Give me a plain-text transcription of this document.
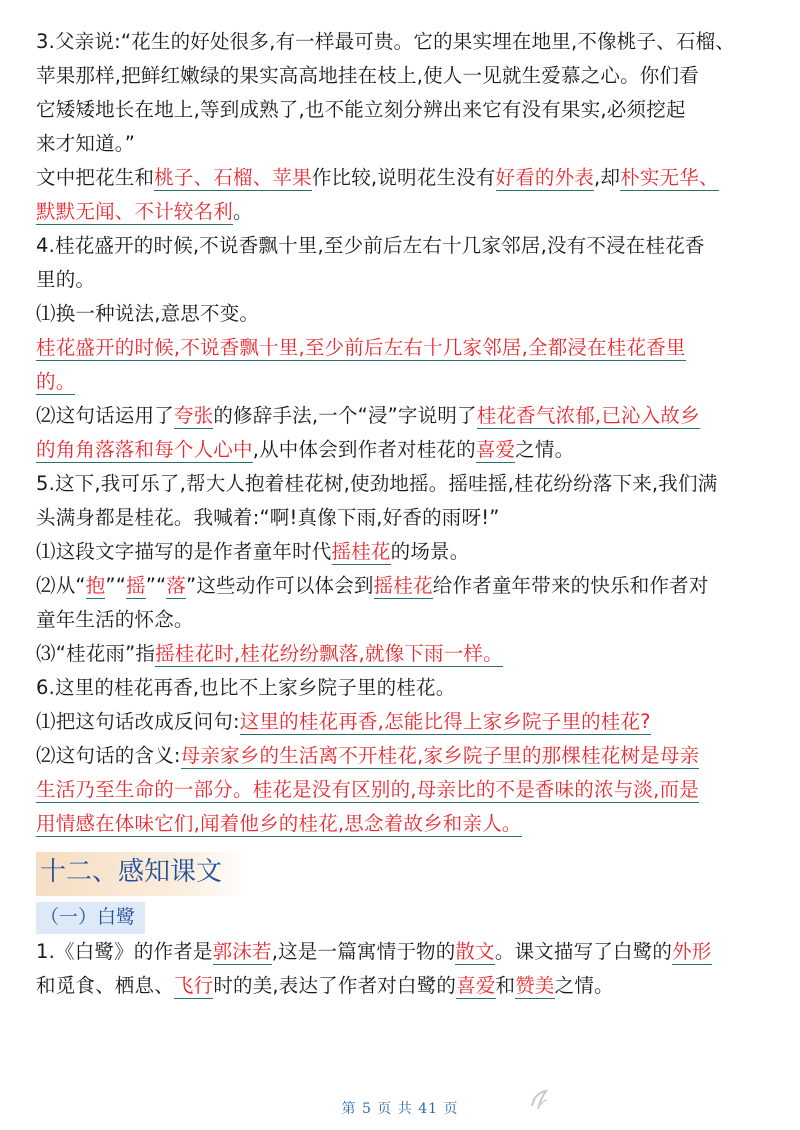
3.父亲说:“花生的好处很多,有一样最可贵。它的果实埋在地里,不像桃子、石榴、
苹果那样,把鲜红嫩绿的果实高高地挂在枝上,使人一见就生爱慕之心。你们看
它矮矮地长在地上,等到成熟了,也不能立刻分辨出来它有没有果实,必须挖起
来才知道。”
文中把花生和桃子、石榴、苹果作比较,说明花生没有好看的外表,却朴实无华、
默默无闻、不计较名利。
4.桂花盛开的时候,不说香飘十里,至少前后左右十几家邻居,没有不浸在桂花香
里的。
⑴换一种说法,意思不变。
桂花盛开的时候,不说香飘十里,至少前后左右十几家邻居,全都浸在桂花香里
的。
⑵这句话运用了夸张的修辞手法,一个“浸”字说明了桂花香气浓郁,已沁入故乡
的角角落落和每个人心中,从中体会到作者对桂花的喜爱之情。
5.这下,我可乐了,帮大人抱着桂花树,使劲地摇。摇哇摇,桂花纷纷落下来,我们满
头满身都是桂花。我喊着:“啊!真像下雨,好香的雨呀!”
⑴这段文字描写的是作者童年时代摇桂花的场景。
⑵从“抱”“摇”“落”这些动作可以体会到摇桂花给作者童年带来的快乐和作者对
童年生活的怀念。
⑶“桂花雨”指摇桂花时,桂花纷纷飘落,就像下雨一样。
6.这里的桂花再香,也比不上家乡院子里的桂花。
⑴把这句话改成反问句:这里的桂花再香,怎能比得上家乡院子里的桂花?
⑵这句话的含义:母亲家乡的生活离不开桂花,家乡院子里的那棵桂花树是母亲
生活乃至生命的一部分。桂花是没有区别的,母亲比的不是香味的浓与淡,而是
用情感在体味它们,闻着他乡的桂花,思念着故乡和亲人。
十二、感知课文
（一）白鹭
1.《白鹭》的作者是郭沫若,这是一篇寓情于物的散文。课文描写了白鹭的外形
和觅食、栖息、飞行时的美,表达了作者对白鹭的喜爱和赞美之情。
第 5 页 共 41 页
